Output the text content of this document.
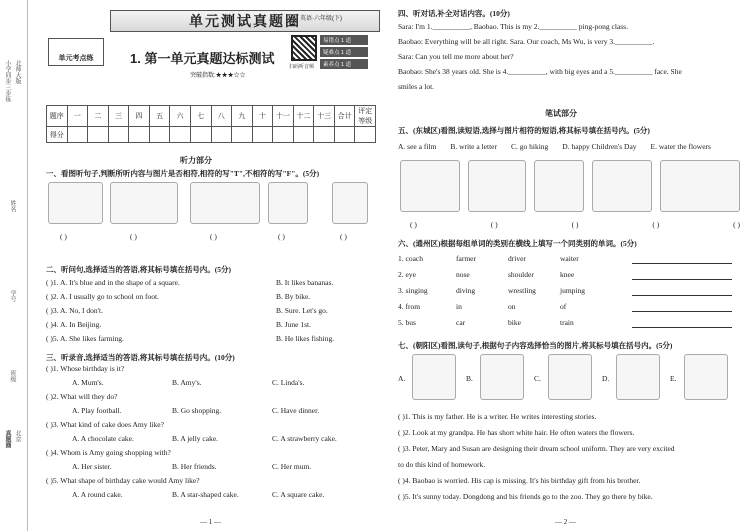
小学同步三步练 北师大版
姓名
学号
班级
真题圈 北京
单元测试真题圈 英语·六年级(下)
单元考点练	1. 第一单元真题达标测试
突破指数:★★★☆☆
扫码听音频
易错点 1 道
疑难点 1 道
素养点 1 道
题序	一	二	三	四	五	六	七	八	九	十	十一	十二	十三	合计	评定等级
得分															
听力部分
一、看图听句子,判断所听内容与图片是否相符,相符的写"T",不相符的写"F"。(5分)
( )	( )	( )	( )	( )
二、听问句,选择适当的答语,将其标号填在括号内。(5分)
( )1. A. It's blue and in the shape of a square.	B. It likes bananas.
( )2. A. I usually go to school on foot.	B. By bike.
( )3. A. No, I don't.	B. Sure. Let's go.
( )4. A. In Beijing.	B. June 1st.
( )5. A. She likes farming.	B. He likes fishing.
三、听录音,选择适当的答语,将其标号填在括号内。(10分)
( )1. Whose birthday is it?
A. Mum's.	B. Amy's.	C. Linda's.
( )2. What will they do?
A. Play football.	B. Go shopping.	C. Have dinner.
( )3. What kind of cake does Amy like?
A. A chocolate cake.	B. A jelly cake.	C. A strawberry cake.
( )4. Whom is Amy going shopping with?
A. Her sister.	B. Her friends.	C. Her mum.
( )5. What shape of birthday cake would Amy like?
A. A round cake.	B. A star-shaped cake.	C. A square cake.
— 1 —
四、听对话,补全对话内容。(10分)
Sara: I'm 1.__________, Baobao. This is my 2.__________ ping-pong class.
Baobao: Everything will be all right. Sara. Our coach, Ms Wu, is very 3.__________.
Sara: Can you tell me more about her?
Baobao: She's 38 years old. She is 4.__________, with big eyes and a 5.__________ face. She
smiles a lot.
笔试部分
五、(东城区)看图,读短语,选择与图片相符的短语,将其标号填在括号内。(5分)
A. see a film B. write a letter C. go hiking D. happy Children's Day E. water the flowers
( )	( )	( )	( )	( )
六、(通州区)根据每组单词的类别在横线上填写一个同类别的单词。(5分)
1. coach	farmer	driver	waiter
2. eye	nose	shoulder	knee
3. singing	diving	wrestling	jumping
4. from	in	on	of
5. bus	car	bike	train
七、(朝阳区)看图,读句子,根据句子内容选择恰当的图片,将其标号填在括号内。(5分)
A.	B.	C.	D.	E.
( )1. This is my father. He is a writer. He writes interesting stories.
( )2. Look at my grandpa. He has short white hair. He often waters the flowers.
( )3. Peter, Mary and Susan are designing their dream school uniform. They are very excited
to do this kind of homework.
( )4. Baobao is worried. His cap is missing. It's his birthday gift from his brother.
( )5. It's sunny today. Dongdong and his friends go to the zoo. They go there by bike.
— 2 —
